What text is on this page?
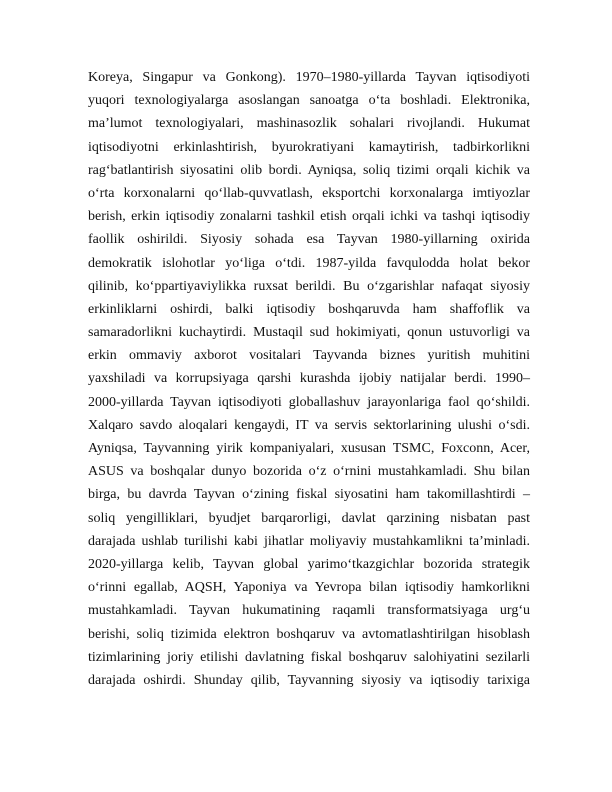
Koreya, Singapur va Gonkong). 1970–1980-yillarda Tayvan iqtisodiyoti
yuqori texnologiyalarga asoslangan sanoatga o‘ta boshladi. Elektronika,
ma’lumot texnologiyalari, mashinasozlik sohalari rivojlandi. Hukumat
iqtisodiyotni erkinlashtirish, byurokratiyani kamaytirish, tadbirkorlikni
rag‘batlantirish siyosatini olib bordi. Ayniqsa, soliq tizimi orqali kichik va
o‘rta korxonalarni qo‘llab-quvvatlash, eksportchi korxonalarga imtiyozlar
berish, erkin iqtisodiy zonalarni tashkil etish orqali ichki va tashqi iqtisodiy
faollik oshirildi. Siyosiy sohada esa Tayvan 1980-yillarning oxirida
demokratik islohotlar yo‘liga o‘tdi. 1987-yilda favqulodda holat bekor
qilinib, ko‘ppartiyaviylikka ruxsat berildi. Bu o‘zgarishlar nafaqat siyosiy
erkinliklarni oshirdi, balki iqtisodiy boshqaruvda ham shaffoflik va
samaradorlikni kuchaytirdi. Mustaqil sud hokimiyati, qonun ustuvorligi va
erkin ommaviy axborot vositalari Tayvanda biznes yuritish muhitini
yaxshiladi va korrupsiyaga qarshi kurashda ijobiy natijalar berdi. 1990–
2000-yillarda Tayvan iqtisodiyoti globallashuv jarayonlariga faol qo‘shildi.
Xalqaro savdo aloqalari kengaydi, IT va servis sektorlarining ulushi o‘sdi.
Ayniqsa, Tayvanning yirik kompaniyalari, xususan TSMC, Foxconn, Acer,
ASUS va boshqalar dunyo bozorida o‘z o‘rnini mustahkamladi. Shu bilan
birga, bu davrda Tayvan o‘zining fiskal siyosatini ham takomillashtirdi –
soliq yengilliklari, byudjet barqarorligi, davlat qarzining nisbatan past
darajada ushlab turilishi kabi jihatlar moliyaviy mustahkamlikni ta’minladi.
2020-yillarga kelib, Tayvan global yarimo‘tkazgichlar bozorida strategik
o‘rinni egallab, AQSH, Yaponiya va Yevropa bilan iqtisodiy hamkorlikni
mustahkamladi. Tayvan hukumatining raqamli transformatsiyaga urg‘u
berishi, soliq tizimida elektron boshqaruv va avtomatlashtirilgan hisoblash
tizimlarining joriy etilishi davlatning fiskal boshqaruv salohiyatini sezilarli
darajada oshirdi. Shunday qilib, Tayvanning siyosiy va iqtisodiy tarixiga
